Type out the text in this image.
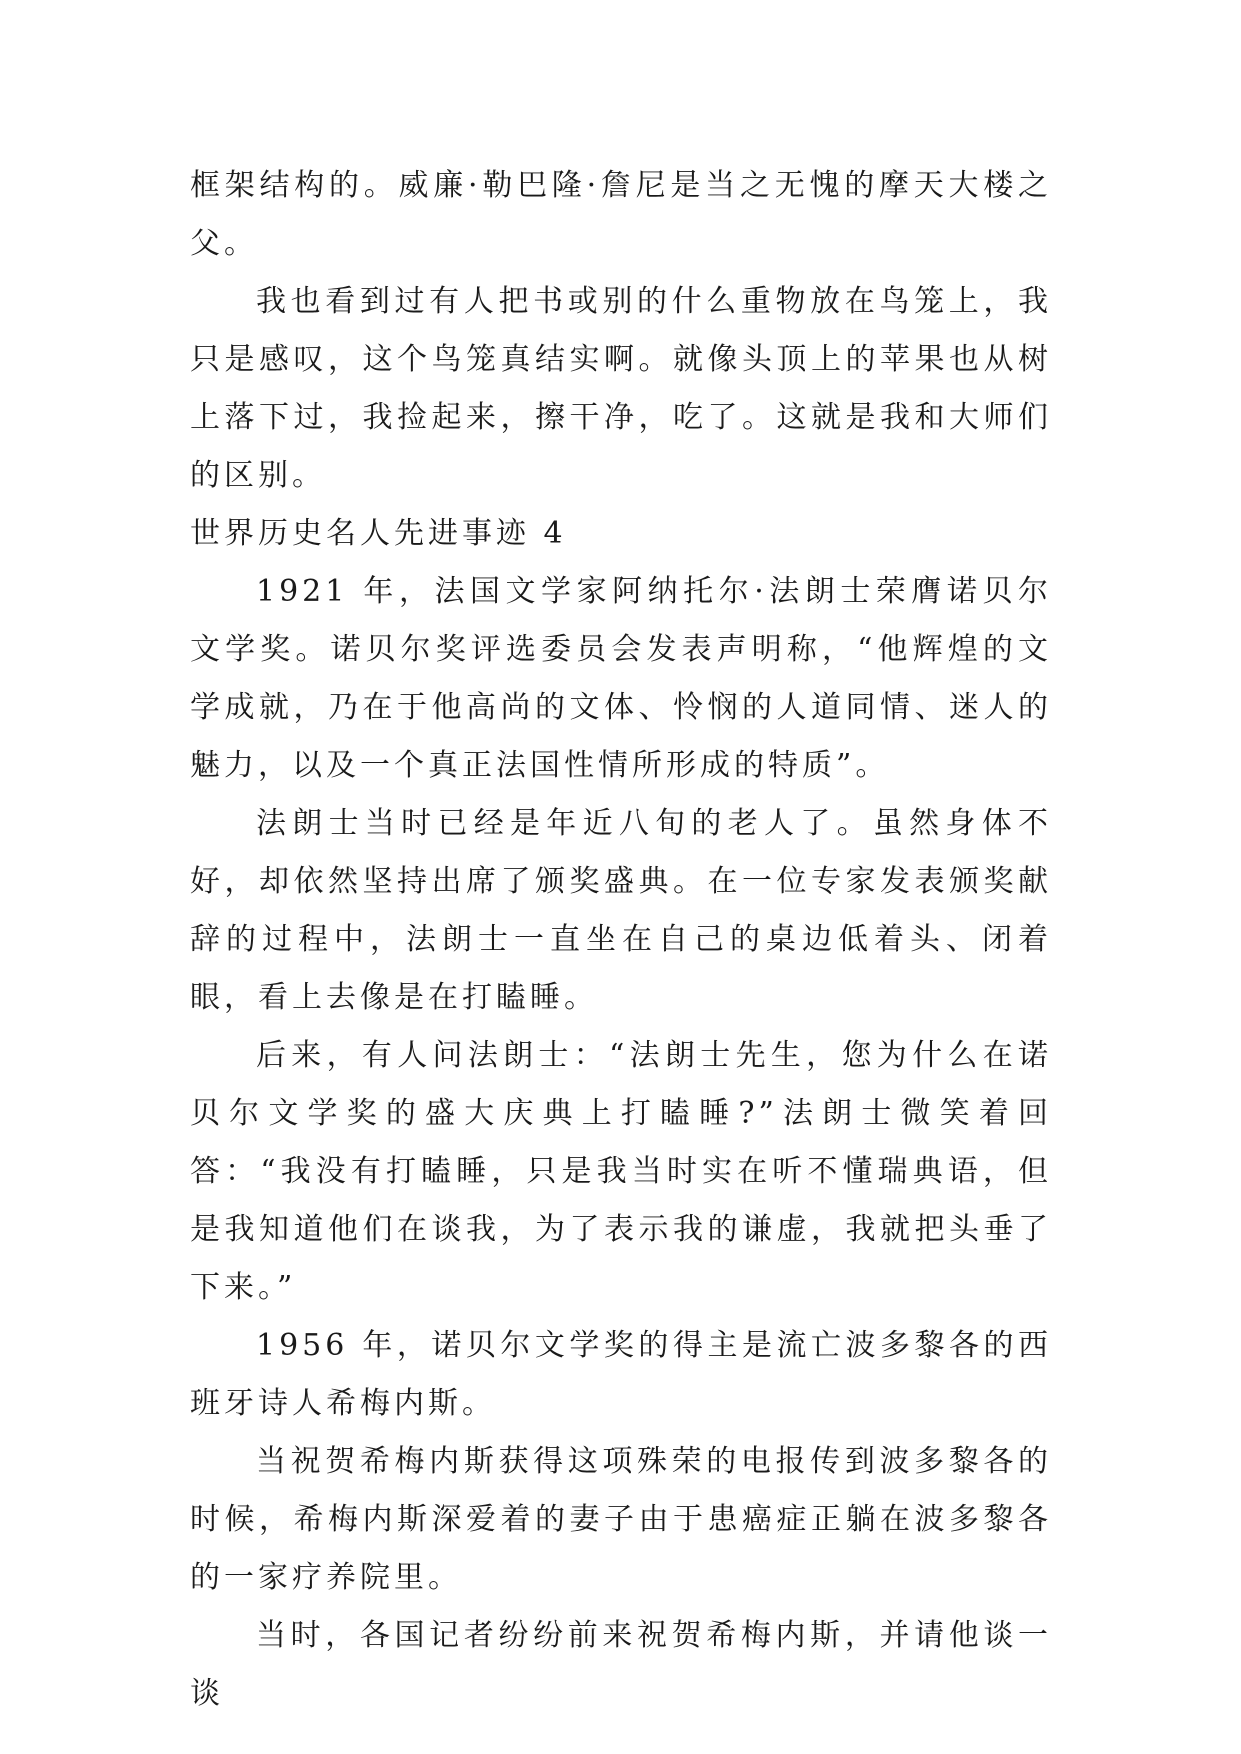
框架结构的。威廉·勒巴隆·詹尼是当之无愧的摩天大楼之父。

我也看到过有人把书或别的什么重物放在鸟笼上，我只是感叹，这个鸟笼真结实啊。就像头顶上的苹果也从树上落下过，我捡起来，擦干净，吃了。这就是我和大师们的区别。

世界历史名人先进事迹 4

1921 年，法国文学家阿纳托尔·法朗士荣膺诺贝尔文学奖。诺贝尔奖评选委员会发表声明称，“他辉煌的文学成就，乃在于他高尚的文体、怜悯的人道同情、迷人的魅力，以及一个真正法国性情所形成的特质”。

法朗士当时已经是年近八旬的老人了。虽然身体不好，却依然坚持出席了颁奖盛典。在一位专家发表颁奖献辞的过程中，法朗士一直坐在自己的桌边低着头、闭着眼，看上去像是在打瞌睡。

后来，有人问法朗士：“法朗士先生，您为什么在诺贝尔文学奖的盛大庆典上打瞌睡?”法朗士微笑着回答：“我没有打瞌睡，只是我当时实在听不懂瑞典语，但是我知道他们在谈我，为了表示我的谦虚，我就把头垂了下来。”

1956 年，诺贝尔文学奖的得主是流亡波多黎各的西班牙诗人希梅内斯。

当祝贺希梅内斯获得这项殊荣的电报传到波多黎各的时候，希梅内斯深爱着的妻子由于患癌症正躺在波多黎各的一家疗养院里。

当时，各国记者纷纷前来祝贺希梅内斯，并请他谈一谈
